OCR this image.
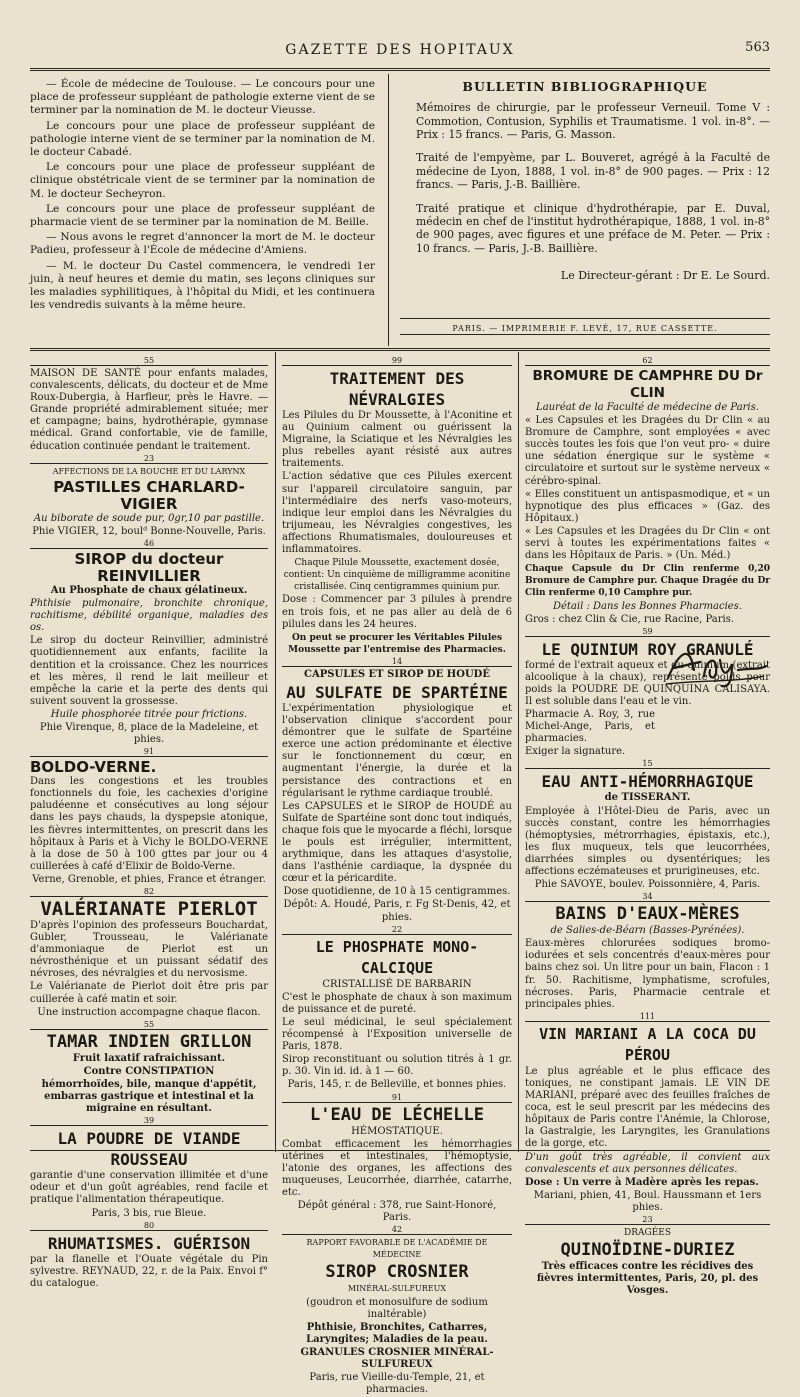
GAZETTE DES HOPITAUX	563

— École de médecine de Toulouse. — Le concours pour une place de professeur suppléant de pathologie externe vient de se terminer par la nomination de M. le docteur Vieusse.

Le concours pour une place de professeur suppléant de pathologie interne vient de se terminer par la nomination de M. le docteur Cabadé.

Le concours pour une place de professeur suppléant de clinique obstétricale vient de se terminer par la nomination de M. le docteur Secheyron.

Le concours pour une place de professeur suppléant de pharmacie vient de se terminer par la nomination de M. Beille.

— Nous avons le regret d'annoncer la mort de M. le docteur Padieu, professeur à l'École de médecine d'Amiens.

— M. le docteur Du Castel commencera, le vendredi 1er juin, à neuf heures et demie du matin, ses leçons cliniques sur les maladies syphilitiques, à l'hôpital du Midi, et les continuera les vendredis suivants à la même heure.

BULLETIN BIBLIOGRAPHIQUE

Mémoires de chirurgie, par le professeur Verneuil. Tome V : Commotion, Contusion, Syphilis et Traumatisme. 1 vol. in-8°. — Prix : 15 francs. — Paris, G. Masson.

Traité de l'empyème, par L. Bouveret, agrégé à la Faculté de médecine de Lyon, 1888, 1 vol. in-8° de 900 pages. — Prix : 12 francs. — Paris, J.-B. Baillière.

Traité pratique et clinique d'hydrothérapie, par E. Duval, médecin en chef de l'institut hydrothérapique, 1888, 1 vol. in-8° de 900 pages, avec figures et une préface de M. Peter. — Prix : 10 francs. — Paris, J.-B. Baillière.

Le Directeur-gérant : Dr E. Le Sourd.
PARIS. — IMPRIMERIE F. LEVÉ, 17, RUE CASSETTE.
55

MAISON DE SANTÉ pour enfants malades, convalescents, délicats, du docteur et de Mme Roux-Dubergia, à Harfleur, près le Havre. — Grande propriété admirablement située; mer et campagne; bains, hydrothérapie, gymnase médical. Grand confortable, vie de famille, éducation continuée pendant le traitement.

23

AFFECTIONS DE LA BOUCHE ET DU LARYNX

PASTILLES CHARLARD-VIGIER

Au biborate de soude pur, 0gr,10 par pastille.

Phie VIGIER, 12, boulᵈ Bonne-Nouvelle, Paris.

46
SIROP du docteur REINVILLIER

Au Phosphate de chaux gélatineux.

Phthisie pulmonaire, bronchite chronique, rachitisme, débilité organique, maladies des os.

Le sirop du docteur Reinvillier, administré quotidiennement aux enfants, facilite la dentition et la croissance. Chez les nourrices et les mères, il rend le lait meilleur et empêche la carie et la perte des dents qui suivent souvent la grossesse.

Huile phosphorée titrée pour frictions.

Phie Virenque, 8, place de la Madeleine, et phies.

91
BOLDO-VERNE.

Dans les congestions et les troubles fonctionnels du foie, les cachexies d'origine paludéenne et consécutives au long séjour dans les pays chauds, la dyspepsie atonique, les fièvres intermittentes, on prescrit dans les hôpitaux à Paris et à Vichy le BOLDO-VERNE à la dose de 50 à 100 gttes par jour ou 4 cuillerées à café d'Elixir de Boldo-Verne.

Verne, Grenoble, et phies, France et étranger.

82
VALÉRIANATE PIERLOT

D'après l'opinion des professeurs Bouchardat, Gubler, Trousseau, le Valérianate d'ammoniaque de Pierlot est un névrosthénique et un puissant sédatif des névroses, des névralgies et du nervosisme.

Le Valérianate de Pierlot doit être pris par cuillerée à café matin et soir.

Une instruction accompagne chaque flacon.

55
TAMAR INDIEN GRILLON

Fruit laxatif rafraichissant.

Contre CONSTIPATION

hémorrhoïdes, bile, manque d'appétit, embarras gastrique et intestinal et la migraine en résultant.

39
LA POUDRE DE VIANDE ROUSSEAU

garantie d'une conservation illimitée et d'une odeur et d'un goût agréables, rend facile et pratique l'alimentation thérapeutique.

Paris, 3 bis, rue Bleue.

80
RHUMATISMES. GUÉRISON

par la flanelle et l'Ouate végétale du Pin sylvestre. REYNAUD, 22, r. de la Paix. Envoi f° du catalogue.

99
TRAITEMENT DES NÉVRALGIES

Les Pilules du Dr Moussette, à l'Aconitine et au Quinium calment ou guérissent la Migraine, la Sciatique et les Névralgies les plus rebelles ayant résisté aux autres traitements.

L'action sédative que ces Pilules exercent sur l'appareil circulatoire sanguin, par l'intermédiaire des nerfs vaso-moteurs, indique leur emploi dans les Névralgies du trijumeau, les Névralgies congestives, les affections Rhumatismales, douloureuses et inflammatoires.

Chaque Pilule Moussette, exactement dosée, contient: Un cinquième de milligramme aconitine cristallisée. Cinq centigrammes quinium pur.

Dose : Commencer par 3 pilules à prendre en trois fois, et ne pas aller au delà de 6 pilules dans les 24 heures.

On peut se procurer les Véritables Pilules Moussette par l'entremise des Pharmacies.

14

CAPSULES ET SIROP DE HOUDÉ

AU SULFATE DE SPARTÉINE

L'expérimentation physiologique et l'observation clinique s'accordent pour démontrer que le sulfate de Spartéine exerce une action prédominante et élective sur le fonctionnement du cœur, en augmentant l'énergie, la durée et la persistance des contractions et en régularisant le rythme cardiaque troublé.

Les CAPSULES et le SIROP de HOUDÉ au Sulfate de Spartéine sont donc tout indiqués, chaque fois que le myocarde a fléchi, lorsque le pouls est irrégulier, intermittent, arythmique, dans les attaques d'asystolie, dans l'asthénie cardiaque, la dyspnée du cœur et la péricardite.

Dose quotidienne, de 10 à 15 centigrammes.

Dépôt: A. Houdé, Paris, r. Fg St-Denis, 42, et phies.

22
LE PHOSPHATE MONO-CALCIQUE

CRISTALLISÉ DE BARBARIN

C'est le phosphate de chaux à son maximum de puissance et de pureté.

Le seul médicinal, le seul spécialement récompensé à l'Exposition universelle de Paris, 1878.

Sirop reconstituant ou solution titrés à 1 gr. p. 30. Vin id. id. à 1 — 60.

Paris, 145, r. de Belleville, et bonnes phies.

91
L'EAU DE LÉCHELLE

HÉMOSTATIQUE.

Combat efficacement les hémorrhagies utérines et intestinales, l'hémoptysie, l'atonie des organes, les affections des muqueuses, Leucorrhée, diarrhée, catarrhe, etc.

Dépôt général : 378, rue Saint-Honoré, Paris.

42

RAPPORT FAVORABLE DE L'ACADÉMIE DE MÉDECINE

SIROP CROSNIER

MINÉRAL-SULFUREUX

(goudron et monosulfure de sodium inaltérable)

Phthisie, Bronchites, Catharres, Laryngites; Maladies de la peau.

GRANULES CROSNIER MINÉRAL-SULFUREUX

Paris, rue Vieille-du-Temple, 21, et pharmacies.

62
BROMURE DE CAMPHRE DU Dr CLIN

Lauréat de la Faculté de médecine de Paris.

« Les Capsules et les Dragées du Dr Clin « au Bromure de Camphre, sont employées « avec succès toutes les fois que l'on veut pro- « duire une sédation énergique sur le système « circulatoire et surtout sur le système nerveux « cérébro-spinal.

« Elles constituent un antispasmodique, et « un hypnotique des plus efficaces » (Gaz. des Hôpitaux.)

« Les Capsules et les Dragées du Dr Clin « ont servi à toutes les expérimentations faites « dans les Hôpitaux de Paris. » (Un. Méd.)

Chaque Capsule du Dr Clin renferme 0,20 Bromure de Camphre pur. Chaque Dragée du Dr Clin renferme 0,10 Camphre pur.

Détail : Dans les Bonnes Pharmacies.

Gros : chez Clin & Cie, rue Racine, Paris.

59
LE QUINIUM ROY GRANULÉ

formé de l'extrait aqueux et du quinium (extrait alcoolique à la chaux), représente poids pour poids la POUDRE DE QUINQUINA CALISAYA. Il est soluble dans l'eau et le vin.

Pharmacie A. Roy, 3, rue Michel-Ange, Paris, et pharmacies.

Exiger la signature.

15
EAU ANTI-HÉMORRHAGIQUE

de TISSERANT.

Employée à l'Hôtel-Dieu de Paris, avec un succès constant, contre les hémorrhagies (hémoptysies, métrorrhagies, épistaxis, etc.), les flux muqueux, tels que leucorrhées, diarrhées simples ou dysentériques; les affections eczémateuses et prurigineuses, etc.

Phie SAVOYE, boulev. Poissonnière, 4, Paris.

34
BAINS D'EAUX-MÈRES

de Salies-de-Béarn (Basses-Pyrénées).

Eaux-mères chlorurées sodiques bromo-iodurées et sels concentrés d'eaux-mères pour bains chez soi. Un litre pour un bain, Flacon : 1 fr. 50. Rachitisme, lymphatisme, scrofules, nécroses. Paris, Pharmacie centrale et principales phies.

111
VIN MARIANI A LA COCA DU PÉROU

Le plus agréable et le plus efficace des toniques, ne constipant jamais. LE VIN DE MARIANI, préparé avec des feuilles fraîches de coca, est le seul prescrit par les médecins des hôpitaux de Paris contre l'Anémie, la Chlorose, la Gastralgie, les Laryngites, les Granulations de la gorge, etc.

D'un goût très agréable, il convient aux convalescents et aux personnes délicates.

Dose : Un verre à Madère après les repas.

Mariani, phien, 41, Boul. Haussmann et 1ers phies.

23

DRAGÉES

QUINOÏDINE-DURIEZ

Très efficaces contre les récidives des fièvres intermittentes, Paris, 20, pl. des Vosges.
